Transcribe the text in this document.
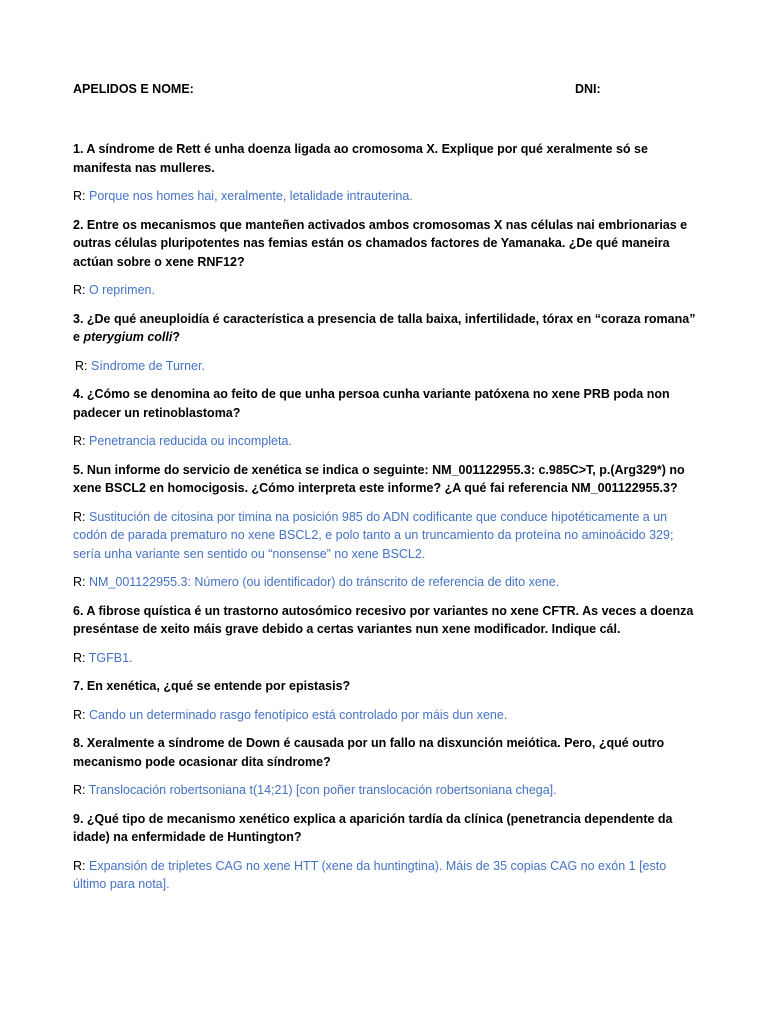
APELIDOS E NOME:	DNI:

1. A síndrome de Rett é unha doenza ligada ao cromosoma X. Explique por qué xeralmente só se manifesta nas mulleres.

R: Porque nos homes hai, xeralmente, letalidade intrauterina.

2. Entre os mecanismos que manteñen activados ambos cromosomas X nas células nai embrionarias e outras células pluripotentes nas femias están os chamados factores de Yamanaka. ¿De qué maneira actúan sobre o xene RNF12?

R: O reprimen.

3. ¿De qué aneuploidía é característica a presencia de talla baixa, infertilidade, tórax en “coraza romana” e pterygium colli?

R: Síndrome de Turner.

4. ¿Cómo se denomina ao feito de que unha persoa cunha variante patóxena no xene PRB poda non padecer un retinoblastoma?

R: Penetrancia reducida ou incompleta.

5. Nun informe do servicio de xenética se indica o seguinte: NM_001122955.3: c.985C>T, p.(Arg329*) no xene BSCL2 en homocigosis. ¿Cómo interpreta este informe? ¿A qué fai referencia NM_001122955.3?

R: Sustitución de citosina por timina na posición 985 do ADN codificante que conduce hipotéticamente a un codón de parada prematuro no xene BSCL2, e polo tanto a un truncamiento da proteína no aminoácido 329; sería unha variante sen sentido ou “nonsense” no xene BSCL2.

R: NM_001122955.3: Número (ou identificador) do tránscrito de referencia de dito xene.

6. A fibrose quística é un trastorno autosómico recesivo por variantes no xene CFTR. As veces a doenza preséntase de xeito máis grave debido a certas variantes nun xene modificador. Indique cál.

R: TGFB1.

7. En xenética, ¿qué se entende por epistasis?

R: Cando un determinado rasgo fenotípico está controlado por máis dun xene.

8. Xeralmente a síndrome de Down é causada por un fallo na disxunción meiótica. Pero, ¿qué outro mecanismo pode ocasionar dita síndrome?

R: Translocación robertsoniana t(14;21) [con poñer translocación robertsoniana chega].

9. ¿Qué tipo de mecanismo xenético explica a aparición tardía da clínica (penetrancia dependente da idade) na enfermidade de Huntington?

R: Expansión de tripletes CAG no xene HTT (xene da huntingtina). Máis de 35 copias CAG no exón 1 [esto último para nota].
